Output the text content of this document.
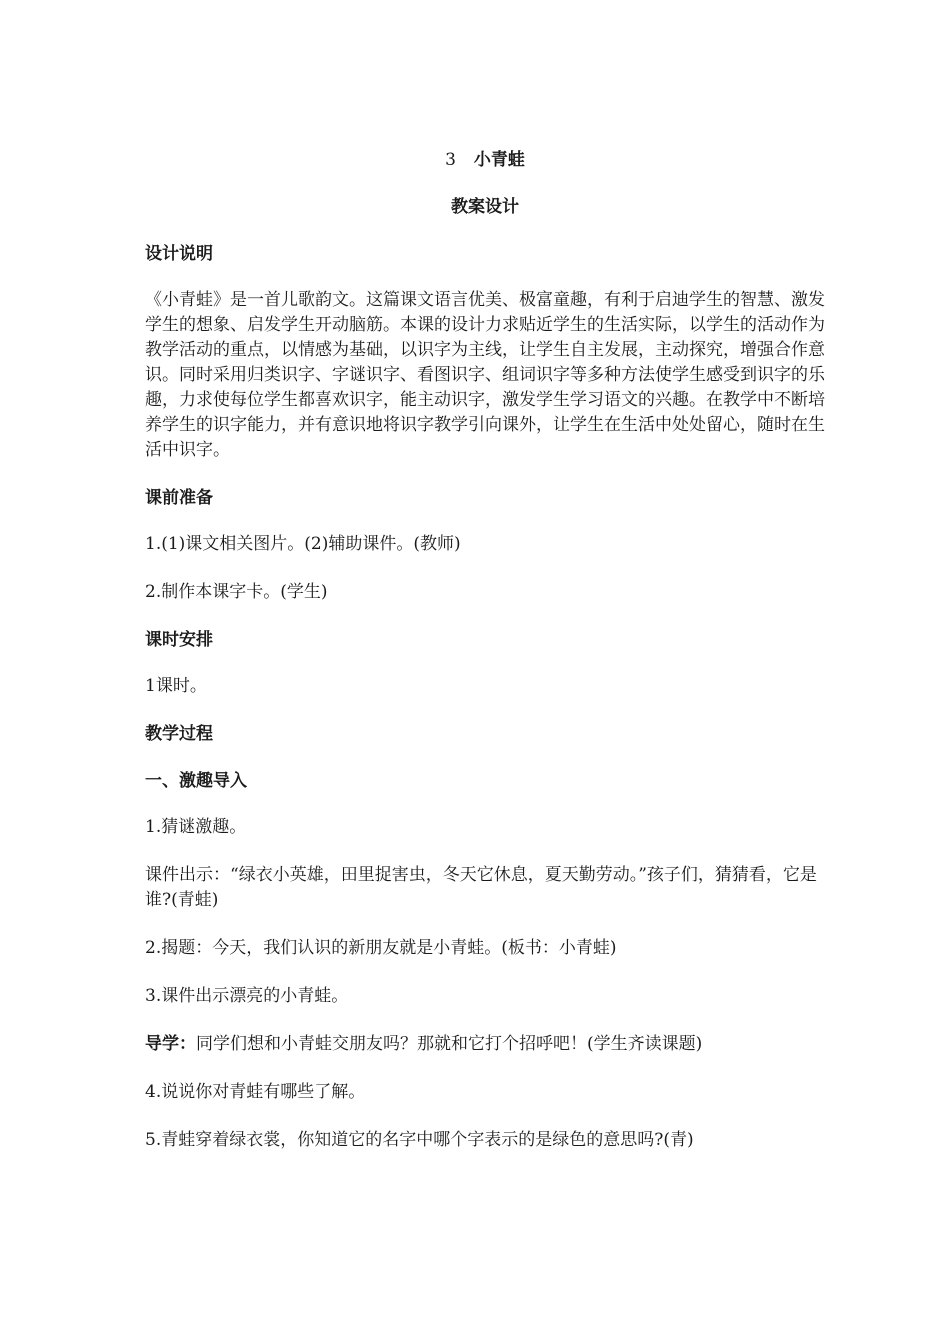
3 小青蛙

教案设计

设计说明

《小青蛙》是一首儿歌韵文。这篇课文语言优美、极富童趣，有利于启迪学生的智慧、激发学生的想象、启发学生开动脑筋。本课的设计力求贴近学生的生活实际，以学生的活动作为教学活动的重点，以情感为基础，以识字为主线，让学生自主发展，主动探究，增强合作意识。同时采用归类识字、字谜识字、看图识字、组词识字等多种方法使学生感受到识字的乐趣，力求使每位学生都喜欢识字，能主动识字，激发学生学习语文的兴趣。在教学中不断培养学生的识字能力，并有意识地将识字教学引向课外，让学生在生活中处处留心，随时在生活中识字。

课前准备

1.(1)课文相关图片。(2)辅助课件。(教师)

2.制作本课字卡。(学生)

课时安排

1课时。

教学过程

一、激趣导入

1.猜谜激趣。

课件出示：“绿衣小英雄，田里捉害虫，冬天它休息，夏天勤劳动。”孩子们，猜猜看，它是谁?(青蛙)

2.揭题：今天，我们认识的新朋友就是小青蛙。(板书：小青蛙)

3.课件出示漂亮的小青蛙。

导学：同学们想和小青蛙交朋友吗？那就和它打个招呼吧！(学生齐读课题)

4.说说你对青蛙有哪些了解。

5.青蛙穿着绿衣裳，你知道它的名字中哪个字表示的是绿色的意思吗?(青)
